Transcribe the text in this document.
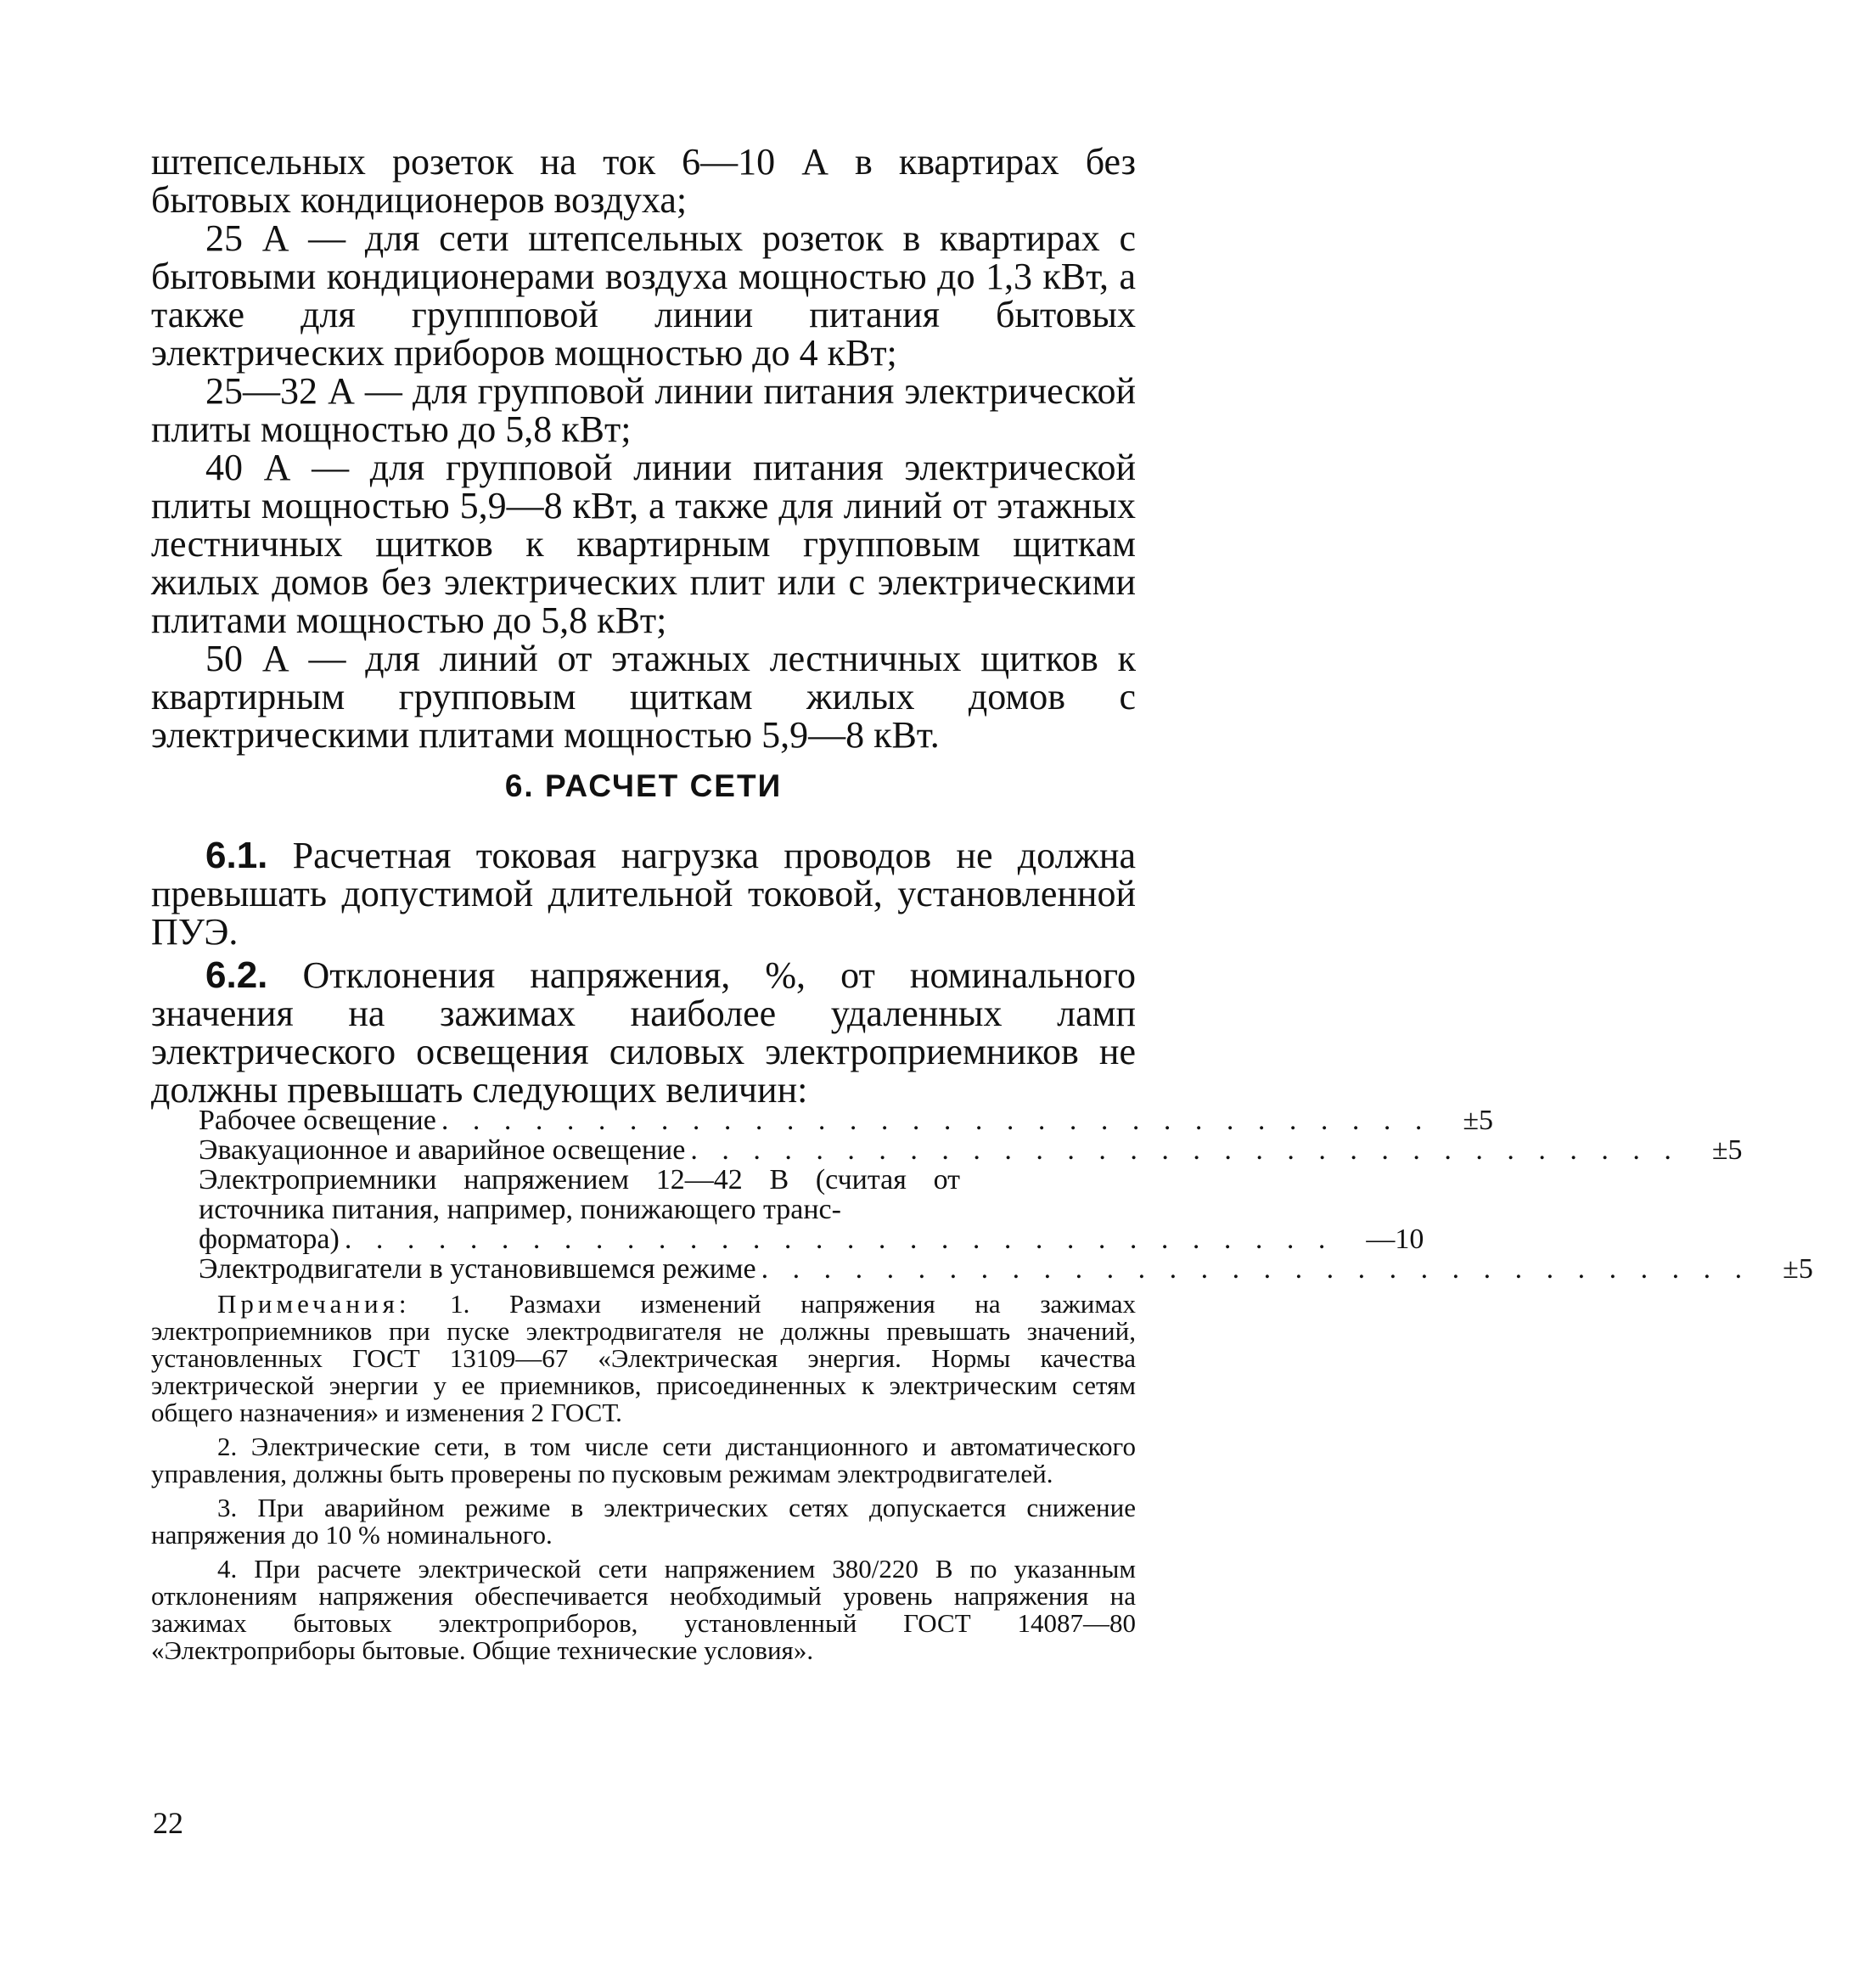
штепсельных розеток на ток 6—10 А в квартирах без бытовых кондиционеров воздуха;

25 А — для сети штепсельных розеток в квартирах с бытовыми кондиционерами воздуха мощностью до 1,3 кВт, а также для группповой линии питания бытовых электрических приборов мощностью до 4 кВт;

25—32 А — для групповой линии питания электрической плиты мощностью до 5,8 кВт;

40 А — для групповой линии питания электрической плиты мощностью 5,9—8 кВт, а также для линий от этажных лестничных щитков к квартирным групповым щиткам жилых домов без электрических плит или с электрическими плитами мощностью до 5,8 кВт;

50 А — для линий от этажных лестничных щитков к квартирным групповым щиткам жилых домов с электрическими плитами мощностью 5,9—8 кВт.

6. РАСЧЕТ СЕТИ

6.1. Расчетная токовая нагрузка проводов не должна превышать допустимой длительной токовой, установленной ПУЭ.

6.2. Отклонения напряжения, %, от номинального значения на зажимах наиболее удаленных ламп электрического освещения силовых электроприемников не должны превышать следующих величин:

Рабочее освещение . . . . . . . . . . . . . . . . . . . . . . . . . . . . . . . . ±5
Эвакуационное и аварийное освещение . . . . . . . . . . . . . . . . . . . . . . . . . . . . . . . . ±5
Электроприемники напряжением 12—42 В (считая от источника питания, например, понижающего транс-
форматора) . . . . . . . . . . . . . . . . . . . . . . . . . . . . . . . . —10
Электродвигатели в установившемся режиме . . . . . . . . . . . . . . . . . . . . . . . . . . . . . . . . ±5

Примечания: 1. Размахи изменений напряжения на зажимах электроприемников при пуске электродвигателя не должны превышать значений, установленных ГОСТ 13109—67 «Электрическая энергия. Нормы качества электрической энергии у ее приемников, присоединенных к электрическим сетям общего назначения» и изменения 2 ГОСТ.

2. Электрические сети, в том числе сети дистанционного и автоматического управления, должны быть проверены по пусковым режимам электродвигателей.

3. При аварийном режиме в электрических сетях допускается снижение напряжения до 10 % номинального.

4. При расчете электрической сети напряжением 380/220 В по указанным отклонениям напряжения обеспечивается необходимый уровень напряжения на зажимах бытовых электроприборов, установленный ГОСТ 14087—80 «Электроприборы бытовые. Общие технические условия».

22
